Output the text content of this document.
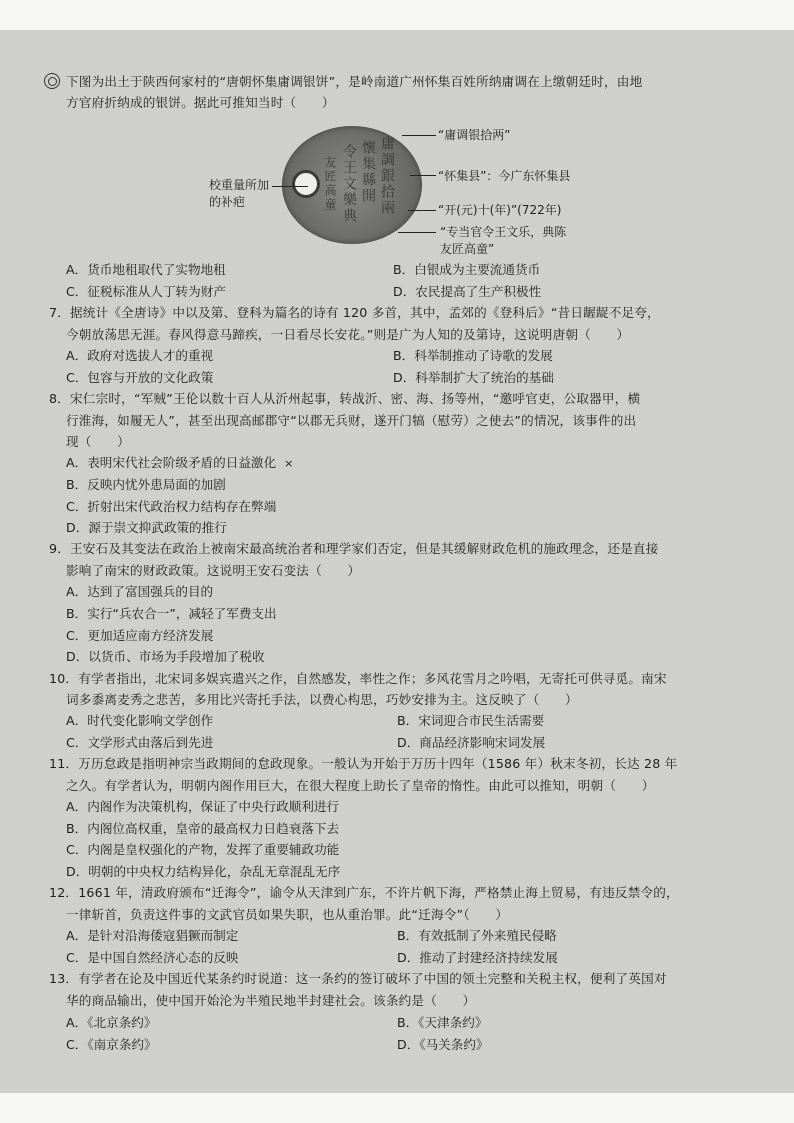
下图为出土于陕西何家村的“唐朝怀集庸调银饼”，是岭南道广州怀集百姓所纳庸调在上缴朝廷时，由地
方官府折纳成的银饼。据此可推知当时（　　）
庸調銀拾兩
懷集縣開
令王文樂典
友匠高童
校重量所加
的补疤
“庸调银拾两”
“怀集县”：今广东怀集县
“开(元)十(年)”(722年)
“专当官令王文乐，典陈
友匠高童”
A．货币地租取代了实物地租	B．白银成为主要流通货币
C．征税标准从人丁转为财产	D．农民提高了生产积极性
7．据统计《全唐诗》中以及第、登科为篇名的诗有 120 多首，其中，孟郊的《登科后》“昔日龌龊不足夸，
今朝放荡思无涯。春风得意马蹄疾，一日看尽长安花。”则是广为人知的及第诗，这说明唐朝（　　）
A．政府对选拔人才的重视	B．科举制推动了诗歌的发展
C．包容与开放的文化政策	D．科举制扩大了统治的基础
8．宋仁宗时，“军贼”王伦以数十百人从沂州起事，转战沂、密、海、扬等州，“邀呼官吏，公取器甲，横
行淮海，如履无人”，甚至出现高邮郡守“以郡无兵财，遂开门犒（慰劳）之使去”的情况，该事件的出
现（　　）
A．表明宋代社会阶级矛盾的日益激化 ×
B．反映内忧外患局面的加剧
C．折射出宋代政治权力结构存在弊端
D．源于崇文抑武政策的推行
9．王安石及其变法在政治上被南宋最高统治者和理学家们否定，但是其缓解财政危机的施政理念，还是直接
影响了南宋的财政政策。这说明王安石变法（　　）
A．达到了富国强兵的目的
B．实行“兵农合一”，减轻了军费支出
C．更加适应南方经济发展
D．以货币、市场为手段增加了税收
10．有学者指出，北宋词多娱宾遣兴之作，自然感发，率性之作；多风花雪月之吟唱，无寄托可供寻觅。南宋
词多黍离麦秀之悲苦，多用比兴寄托手法，以费心构思，巧妙安排为主。这反映了（　　）
A．时代变化影响文学创作	B．宋词迎合市民生活需要
C．文学形式由落后到先进	D．商品经济影响宋词发展
11．万历怠政是指明神宗当政期间的怠政现象。一般认为开始于万历十四年（1586 年）秋末冬初，长达 28 年
之久。有学者认为，明朝内阁作用巨大，在很大程度上助长了皇帝的惰性。由此可以推知，明朝（　　）
A．内阁作为决策机构，保证了中央行政顺利进行
B．内阁位高权重，皇帝的最高权力日趋衰落下去
C．内阁是皇权强化的产物，发挥了重要辅政功能
D．明朝的中央权力结构异化，杂乱无章混乱无序
12．1661 年，清政府颁布“迁海令”，谕令从天津到广东，不许片帆下海，严格禁止海上贸易，有违反禁令的，
一律斩首，负责这件事的文武官员如果失职，也从重治罪。此“迁海令”（　　）
A．是针对沿海倭寇猖獗而制定	B．有效抵制了外来殖民侵略
C．是中国自然经济心态的反映	D．推动了封建经济持续发展
13．有学者在论及中国近代某条约时说道：这一条约的签订破坏了中国的领土完整和关税主权，便利了英国对
华的商品输出，使中国开始沦为半殖民地半封建社会。该条约是（　　）
A．《北京条约》	B．《天津条约》
C．《南京条约》	D．《马关条约》
